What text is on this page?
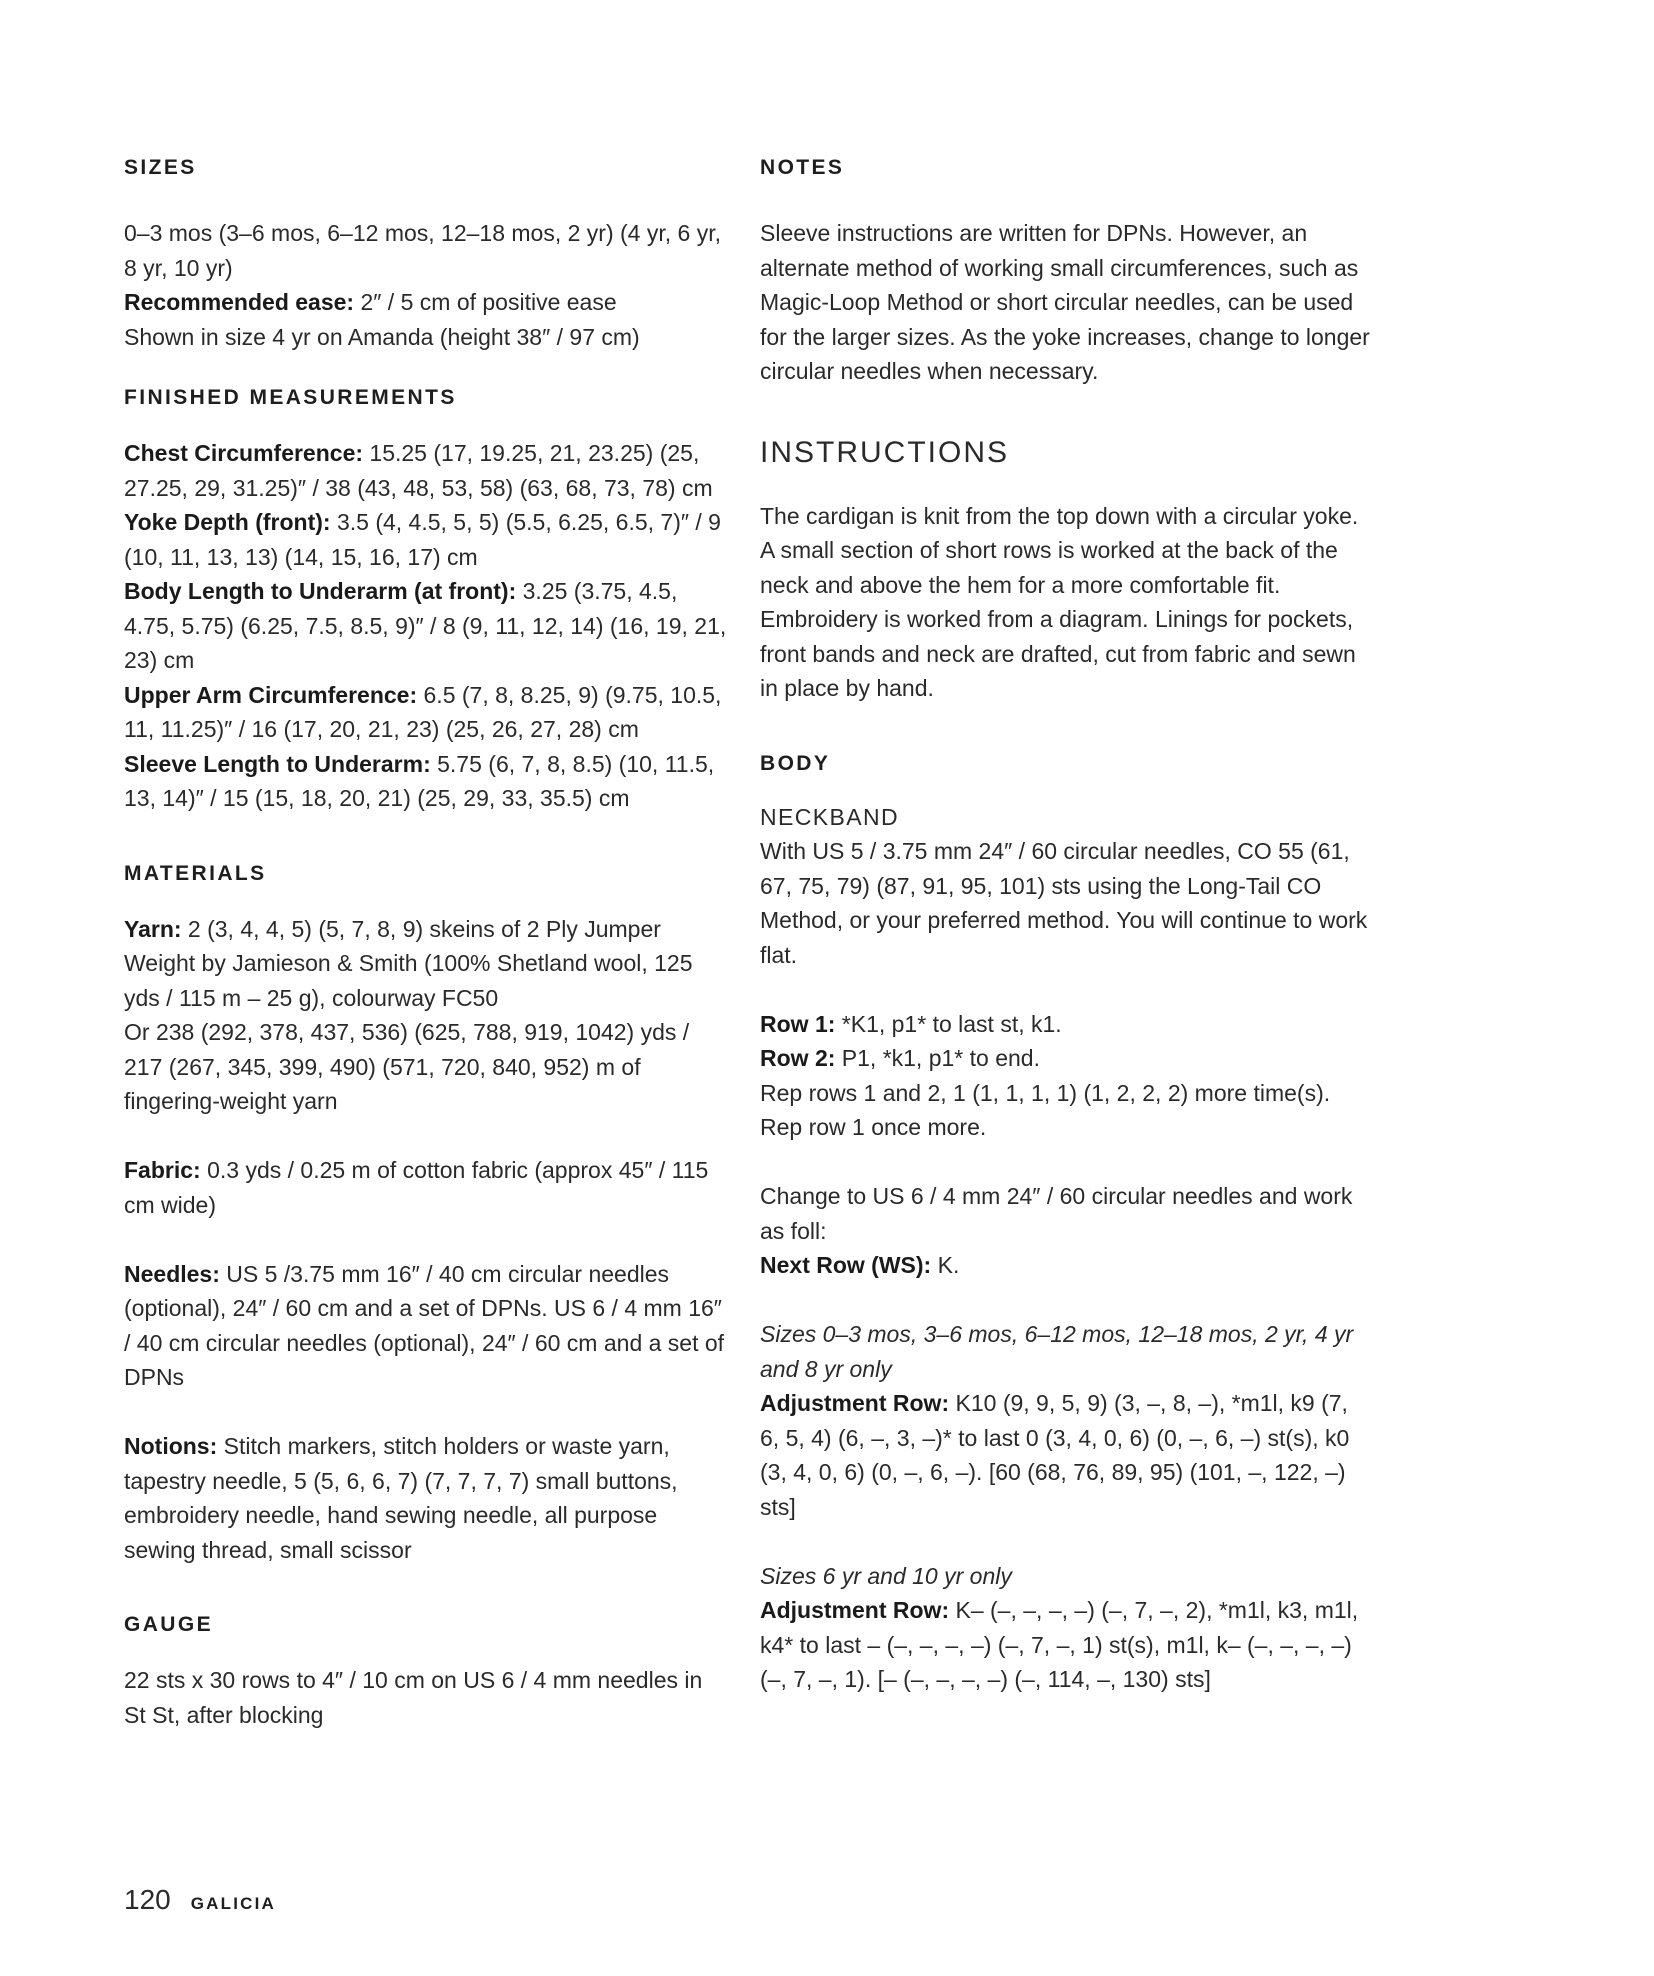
SIZES

0–3 mos (3–6 mos, 6–12 mos, 12–18 mos, 2 yr) (4 yr, 6 yr, 8 yr, 10 yr)

Recommended ease: 2″ / 5 cm of positive ease

Shown in size 4 yr on Amanda (height 38″ / 97 cm)

FINISHED MEASUREMENTS

Chest Circumference: 15.25 (17, 19.25, 21, 23.25) (25, 27.25, 29, 31.25)″ / 38 (43, 48, 53, 58) (63, 68, 73, 78) cm

Yoke Depth (front): 3.5 (4, 4.5, 5, 5) (5.5, 6.25, 6.5, 7)″ / 9 (10, 11, 13, 13) (14, 15, 16, 17) cm

Body Length to Underarm (at front): 3.25 (3.75, 4.5, 4.75, 5.75) (6.25, 7.5, 8.5, 9)″ / 8 (9, 11, 12, 14) (16, 19, 21, 23) cm

Upper Arm Circumference: 6.5 (7, 8, 8.25, 9) (9.75, 10.5, 11, 11.25)″ / 16 (17, 20, 21, 23) (25, 26, 27, 28) cm

Sleeve Length to Underarm: 5.75 (6, 7, 8, 8.5) (10, 11.5, 13, 14)″ / 15 (15, 18, 20, 21) (25, 29, 33, 35.5) cm

MATERIALS

Yarn: 2 (3, 4, 4, 5) (5, 7, 8, 9) skeins of 2 Ply Jumper Weight by Jamieson & Smith (100% Shetland wool, 125 yds / 115 m – 25 g), colourway FC50

Or 238 (292, 378, 437, 536) (625, 788, 919, 1042) yds / 217 (267, 345, 399, 490) (571, 720, 840, 952) m of fingering-weight yarn

Fabric: 0.3 yds / 0.25 m of cotton fabric (approx 45″ / 115 cm wide)

Needles: US 5 /3.75 mm 16″ / 40 cm circular needles (optional), 24″ / 60 cm and a set of DPNs. US 6 / 4 mm 16″ / 40 cm circular needles (optional), 24″ / 60 cm and a set of DPNs

Notions: Stitch markers, stitch holders or waste yarn, tapestry needle, 5 (5, 6, 6, 7) (7, 7, 7, 7) small buttons, embroidery needle, hand sewing needle, all purpose sewing thread, small scissor

GAUGE

22 sts x 30 rows to 4″ / 10 cm on US 6 / 4 mm needles in St St, after blocking

NOTES

Sleeve instructions are written for DPNs. However, an alternate method of working small circumferences, such as Magic-Loop Method or short circular needles, can be used for the larger sizes. As the yoke increases, change to longer circular needles when necessary.

INSTRUCTIONS

The cardigan is knit from the top down with a circular yoke. A small section of short rows is worked at the back of the neck and above the hem for a more comfortable fit. Embroidery is worked from a diagram. Linings for pockets, front bands and neck are drafted, cut from fabric and sewn in place by hand.

BODY

NECKBAND

With US 5 / 3.75 mm 24″ / 60 circular needles, CO 55 (61, 67, 75, 79) (87, 91, 95, 101) sts using the Long-Tail CO Method, or your preferred method. You will continue to work flat.

Row 1: *K1, p1* to last st, k1.

Row 2: P1, *k1, p1* to end.

Rep rows 1 and 2, 1 (1, 1, 1, 1) (1, 2, 2, 2) more time(s). Rep row 1 once more.

Change to US 6 / 4 mm 24″ / 60 circular needles and work as foll:

Next Row (WS): K.

Sizes 0–3 mos, 3–6 mos, 6–12 mos, 12–18 mos, 2 yr, 4 yr and 8 yr only

Adjustment Row: K10 (9, 9, 5, 9) (3, –, 8, –), *m1l, k9 (7, 6, 5, 4) (6, –, 3, –)* to last 0 (3, 4, 0, 6) (0, –, 6, –) st(s), k0 (3, 4, 0, 6) (0, –, 6, –). [60 (68, 76, 89, 95) (101, –, 122, –) sts]

Sizes 6 yr and 10 yr only

Adjustment Row: K– (–, –, –, –) (–, 7, –, 2), *m1l, k3, m1l, k4* to last – (–, –, –, –) (–, 7, –, 1) st(s), m1l, k– (–, –, –, –) (–, 7, –, 1). [– (–, –, –, –) (–, 114, –, 130) sts]

120 GALICIA
